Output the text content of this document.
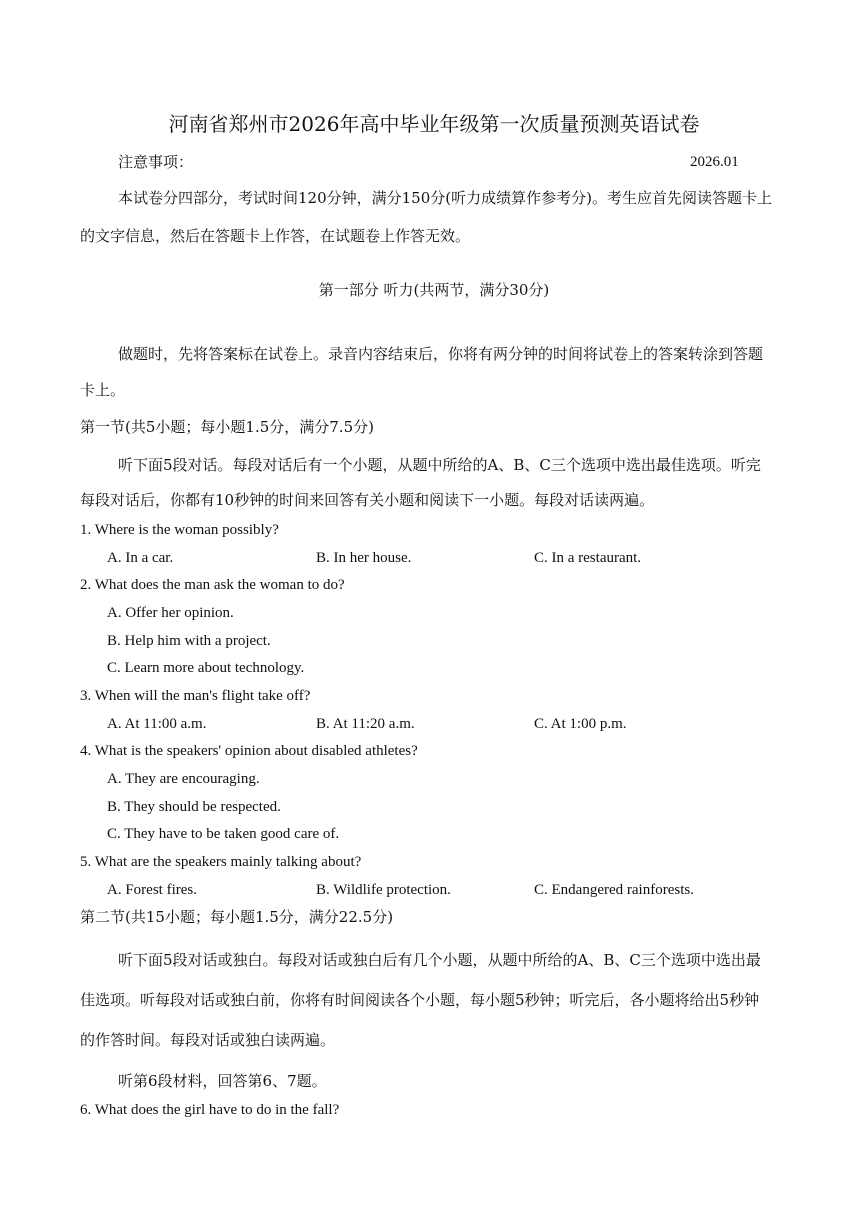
河南省郑州市2026年高中毕业年级第一次质量预测英语试卷
注意事项：	2026.01
本试卷分四部分，考试时间120分钟，满分150分(听力成绩算作参考分)。考生应首先阅读答题卡上
的文字信息，然后在答题卡上作答，在试题卷上作答无效。
第一部分 听力(共两节，满分30分)
做题时，先将答案标在试卷上。录音内容结束后，你将有两分钟的时间将试卷上的答案转涂到答题
卡上。
第一节(共5小题；每小题1.5分，满分7.5分)
听下面5段对话。每段对话后有一个小题，从题中所给的A、B、C三个选项中选出最佳选项。听完
每段对话后，你都有10秒钟的时间来回答有关小题和阅读下一小题。每段对话读两遍。
1. Where is the woman possibly?
A. In a car.	B. In her house.	C. In a restaurant.
2. What does the man ask the woman to do?
A. Offer her opinion.
B. Help him with a project.
C. Learn more about technology.
3. When will the man's flight take off?
A. At 11:00 a.m.	B. At 11:20 a.m.	C. At 1:00 p.m.
4. What is the speakers' opinion about disabled athletes?
A. They are encouraging.
B. They should be respected.
C. They have to be taken good care of.
5. What are the speakers mainly talking about?
A. Forest fires.	B. Wildlife protection.	C. Endangered rainforests.
第二节(共15小题；每小题1.5分，满分22.5分)
听下面5段对话或独白。每段对话或独白后有几个小题，从题中所给的A、B、C三个选项中选出最
佳选项。听每段对话或独白前，你将有时间阅读各个小题，每小题5秒钟；听完后，各小题将给出5秒钟
的作答时间。每段对话或独白读两遍。
听第6段材料，回答第6、7题。
6. What does the girl have to do in the fall?
